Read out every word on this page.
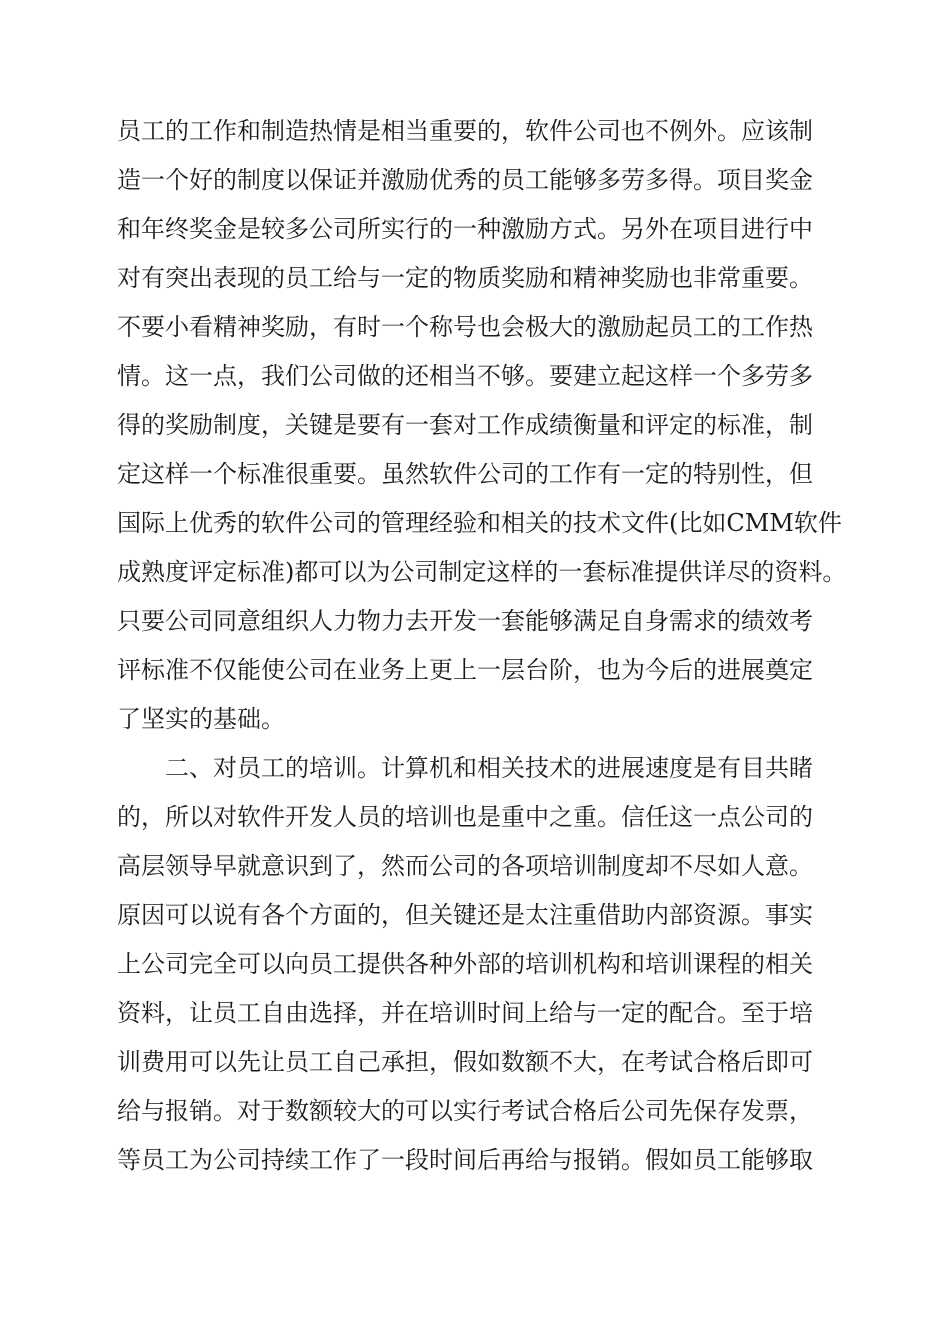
员工的工作和制造热情是相当重要的，软件公司也不例外。应该制
造一个好的制度以保证并激励优秀的员工能够多劳多得。项目奖金
和年终奖金是较多公司所实行的一种激励方式。另外在项目进行中
对有突出表现的员工给与一定的物质奖励和精神奖励也非常重要。
不要小看精神奖励，有时一个称号也会极大的激励起员工的工作热
情。这一点，我们公司做的还相当不够。要建立起这样一个多劳多
得的奖励制度，关键是要有一套对工作成绩衡量和评定的标准，制
定这样一个标准很重要。虽然软件公司的工作有一定的特别性，但
国际上优秀的软件公司的管理经验和相关的技术文件(比如CMM软件
成熟度评定标准)都可以为公司制定这样的一套标准提供详尽的资料。
只要公司同意组织人力物力去开发一套能够满足自身需求的绩效考
评标准不仅能使公司在业务上更上一层台阶，也为今后的进展奠定
了坚实的基础。
二、对员工的培训。计算机和相关技术的进展速度是有目共睹
的，所以对软件开发人员的培训也是重中之重。信任这一点公司的
高层领导早就意识到了，然而公司的各项培训制度却不尽如人意。
原因可以说有各个方面的，但关键还是太注重借助内部资源。事实
上公司完全可以向员工提供各种外部的培训机构和培训课程的相关
资料，让员工自由选择，并在培训时间上给与一定的配合。至于培
训费用可以先让员工自己承担，假如数额不大，在考试合格后即可
给与报销。对于数额较大的可以实行考试合格后公司先保存发票，
等员工为公司持续工作了一段时间后再给与报销。假如员工能够取
